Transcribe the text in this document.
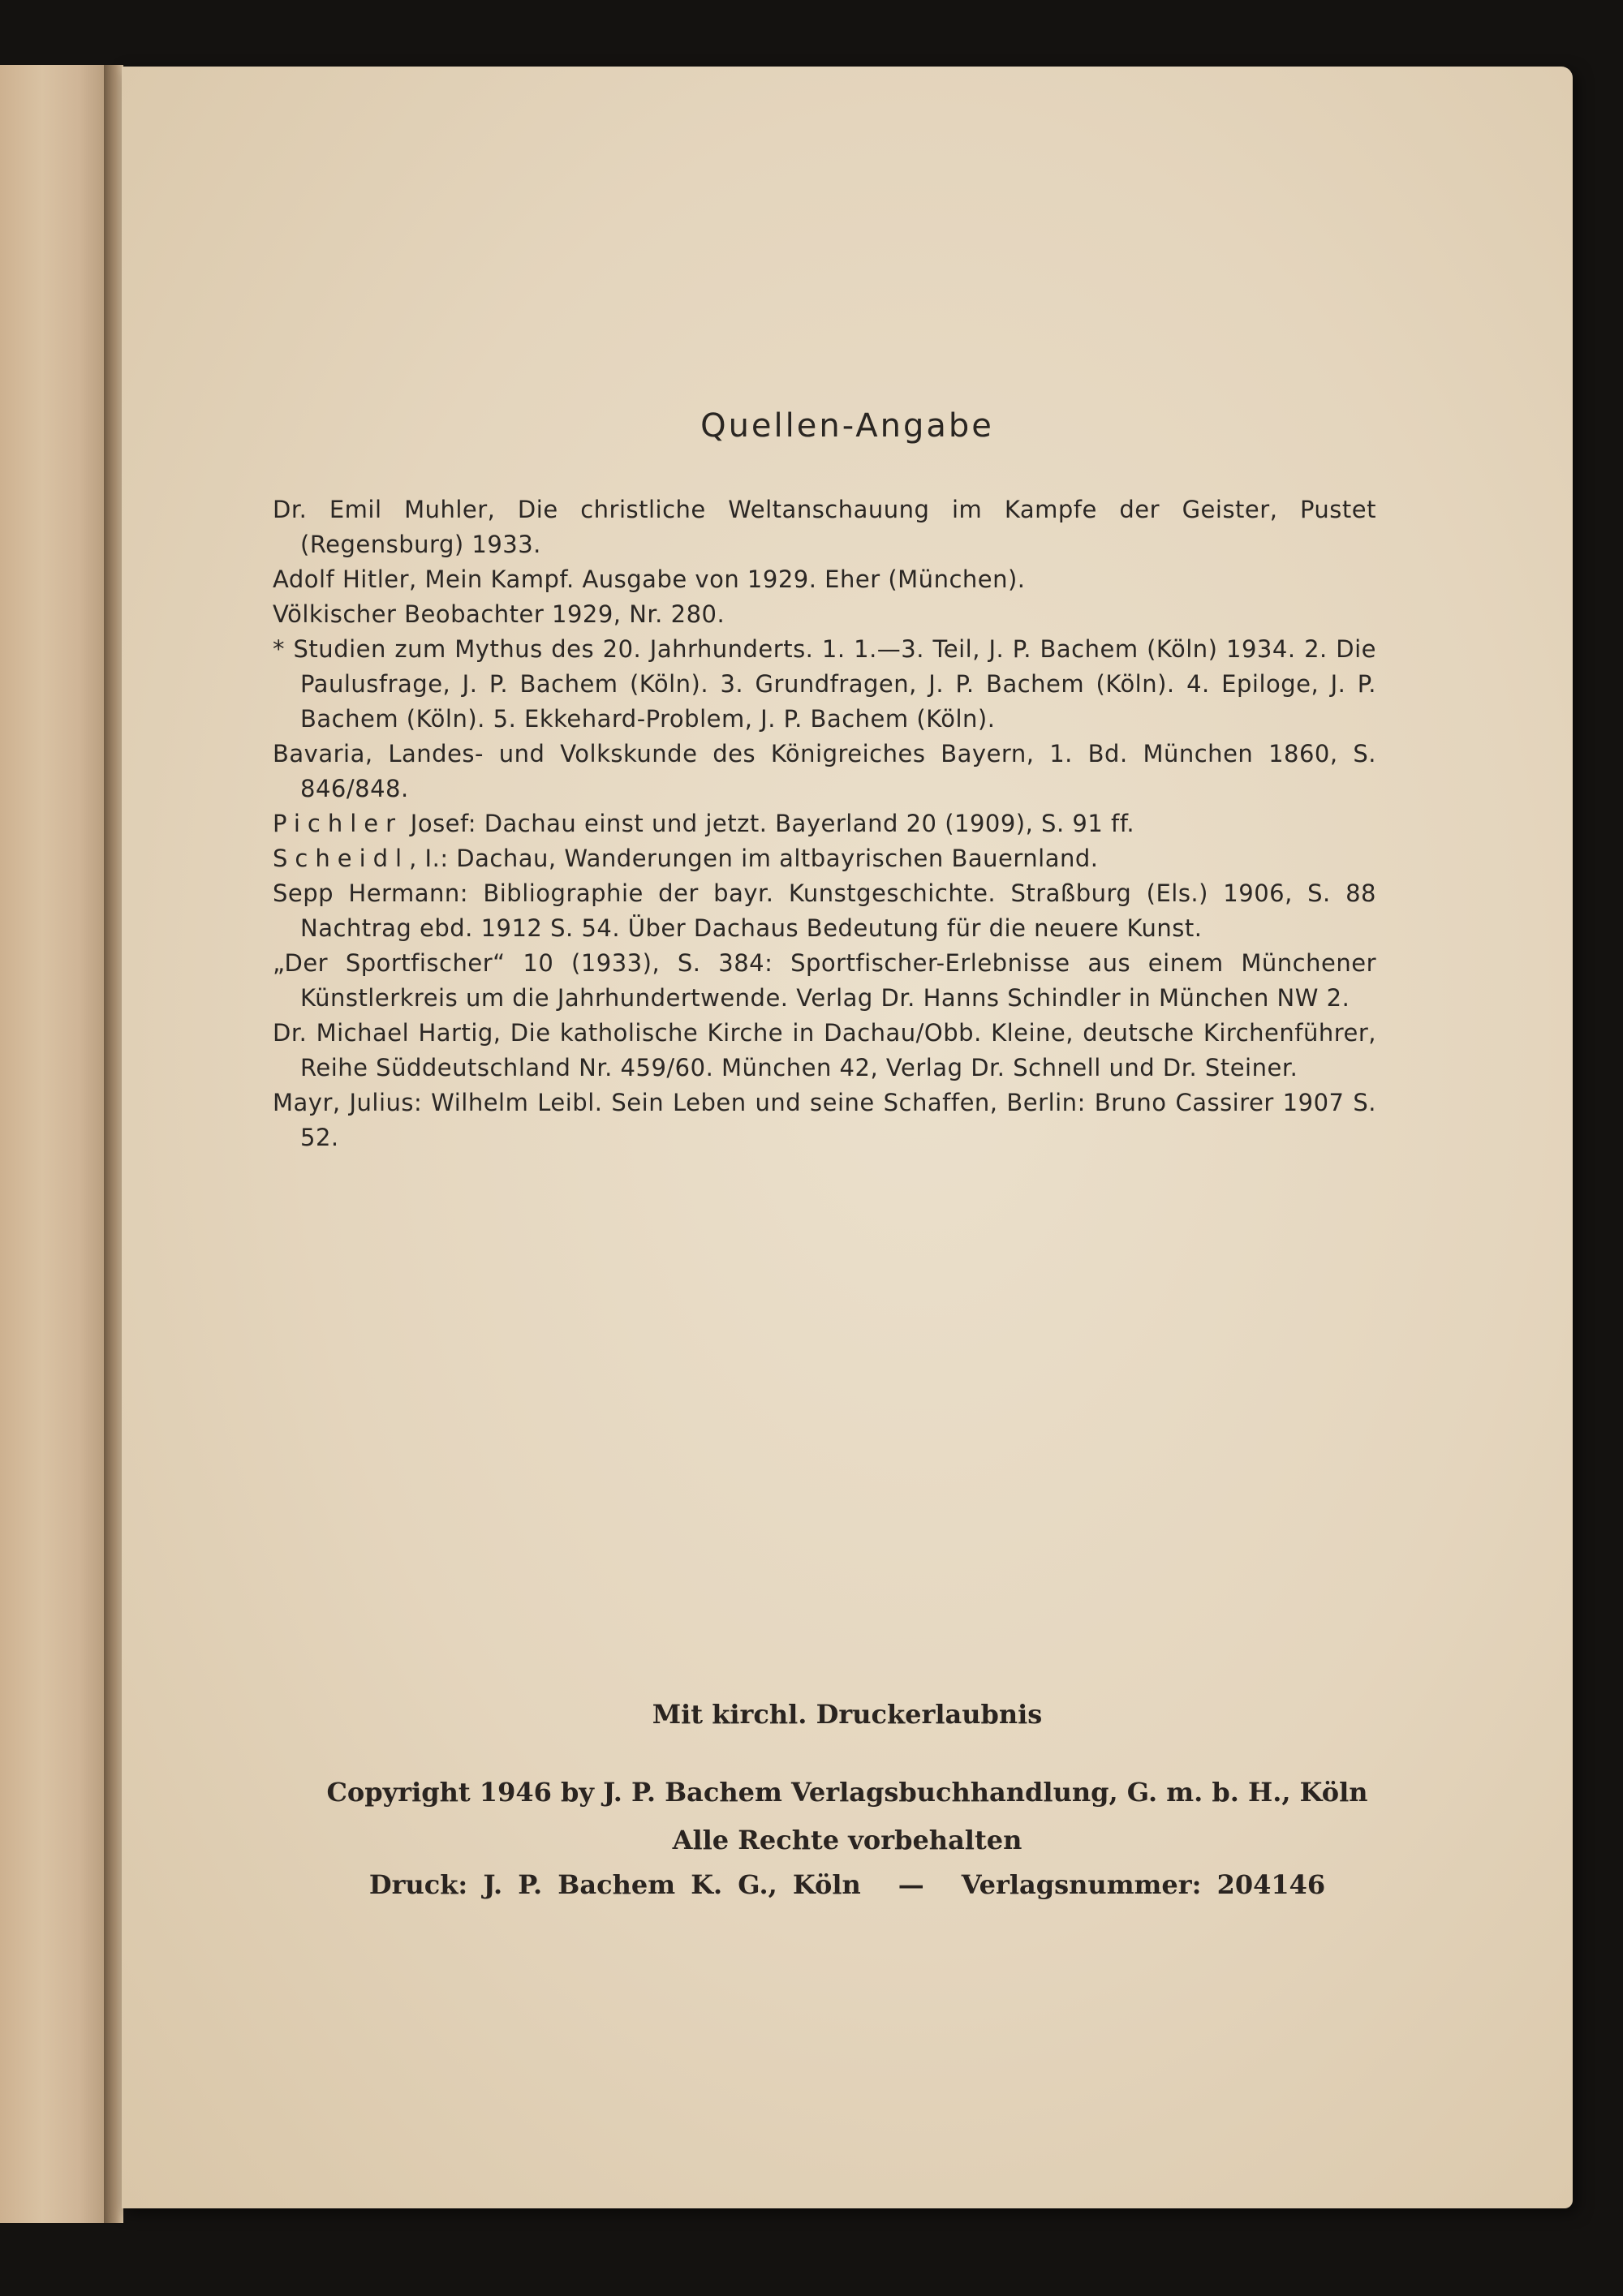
Quellen-Angabe

Dr. Emil Muhler, Die christliche Weltanschauung im Kampfe der Geister, Pustet (Regensburg) 1933.

Adolf Hitler, Mein Kampf. Ausgabe von 1929. Eher (München).

Völkischer Beobachter 1929, Nr. 280.

* Studien zum Mythus des 20. Jahrhunderts. 1. 1.—3. Teil, J. P. Bachem (Köln) 1934. 2. Die Paulusfrage, J. P. Bachem (Köln). 3. Grundfragen, J. P. Bachem (Köln). 4. Epiloge, J. P. Bachem (Köln). 5. Ekkehard-Problem, J. P. Bachem (Köln).

Bavaria, Landes- und Volkskunde des Königreiches Bayern, 1. Bd. München 1860, S. 846/848.

Pichler Josef: Dachau einst und jetzt. Bayerland 20 (1909), S. 91 ff.

Scheidl, I.: Dachau, Wanderungen im altbayrischen Bauernland.

Sepp Hermann: Bibliographie der bayr. Kunstgeschichte. Straßburg (Els.) 1906, S. 88 Nachtrag ebd. 1912 S. 54. Über Dachaus Bedeutung für die neuere Kunst.

„Der Sportfischer“ 10 (1933), S. 384: Sportfischer-Erlebnisse aus einem Münchener Künstlerkreis um die Jahrhundertwende. Verlag Dr. Hanns Schindler in München NW 2.

Dr. Michael Hartig, Die katholische Kirche in Dachau/Obb. Kleine, deutsche Kirchenführer, Reihe Süddeutschland Nr. 459/60. München 42, Verlag Dr. Schnell und Dr. Steiner.

Mayr, Julius: Wilhelm Leibl. Sein Leben und seine Schaffen, Berlin: Bruno Cassirer 1907 S. 52.

Mit kirchl. Druckerlaubnis
Copyright 1946 by J. P. Bachem Verlagsbuchhandlung, G. m. b. H., Köln
Alle Rechte vorbehalten
Druck: J. P. Bachem K. G., Köln — Verlagsnummer: 204146
